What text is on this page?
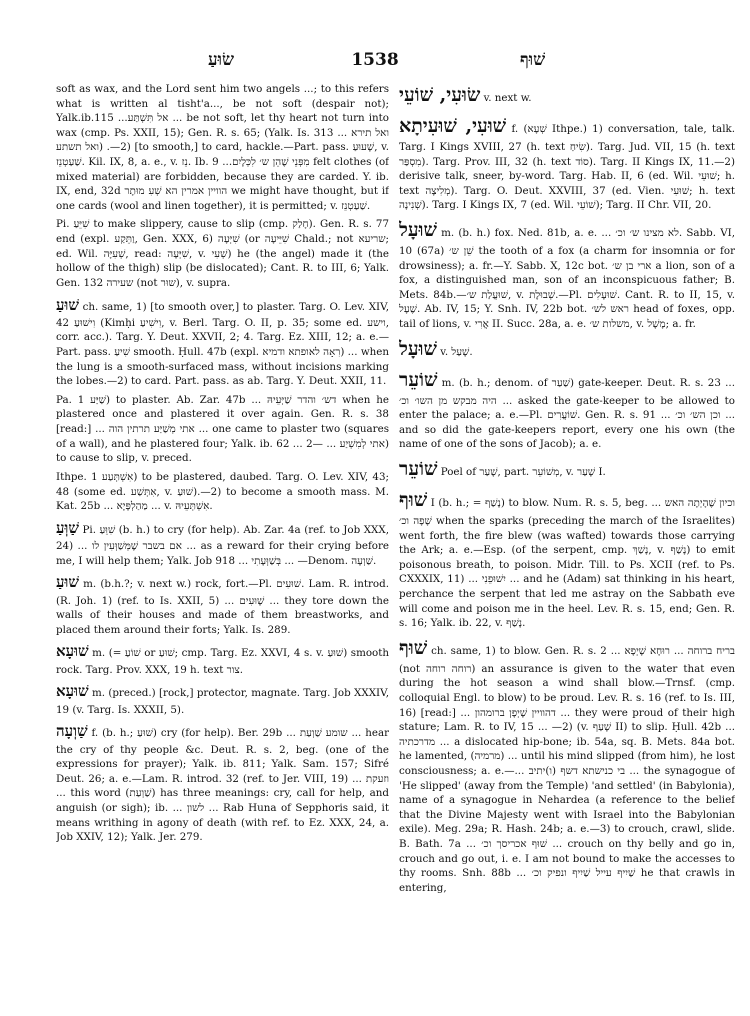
שׂוּעַ	1538	שׁוּף

soft as wax, and the Lord sent him two angels ...; to this refers what is written al tisht'a..., be not soft (despair not); Yalk.ib.115 ...אל תִּשְׁתַּע ... be not soft, let thy heart not turn into wax (cmp. Ps. XXII, 15); Gen. R. s. 65; (Yalk. Is. 313 ... ואל תירא ואל תשתע) .—2) [to smooth,] to card, hackle.—Part. pass. שָׁעוּעַ, v. שַׁעַטְנֵז. Kil. IX, 8, a. e., v. נֵז. Ib. 9 ...מִפְּנֵי שֶׁהֵן ש׳ לִכְּלָיִם felt clothes (of mixed material) are forbidden, because they are carded. Y. ib. IX, end, 32d הוויין אמרין הא שְׁעִ מוּתָר we might have thought, but if one cards (wool and linen together), it is permitted; v. שַׁעַטְנֵז.

Pi. שִׁיֵּעַ to make slippery, cause to slip (cmp. חָלַק). Gen. R. s. 77 end (expl. וַתֵּקַע, Gen. XXX, 6) שִׁיְּעָה (or שִׁיֵּיעָה Chald.; not שריעא; ed. Wil. שְׁעִיָּה, read: שִׁיְּעָה, v. שְׁעִי) he (the angel) made it (the hollow of the thigh) slip (be dislocated); Cant. R. to III, 6; Yalk. Gen. 132 שעירה (not שוּר), v. supra.

שׁוּעַ ch. same, 1) [to smooth over,] to plaster. Targ. O. Lev. XIV, 42 וִישׁוּעַ (Kimḥi וִישִׁיעַ, v. Berl. Targ. O. II, p. 35; some ed. וישע, corr. acc.). Targ. Y. Deut. XXVII, 2; 4. Targ. Ez. XIII, 12; a. e.—Part. pass. שִׁיעַ smooth. Ḥull. 47b (expl. רִאָה לאופתא ודמיא) ... when the lung is a smooth-surfaced mass, without incisions marking the lobes.—2) to card. Part. pass. as ab. Targ. Y. Deut. XXII, 11.

Pa. שַׁיַּע 1) to plaster. Ab. Zar. 47b ... דש׳ והדר שַׁיְּעֵיהּ when he plastered once and plastered it over again. Gen. R. s. 38 [read:] ... אתי מְשַׁיַּע תרתין הוה ... one came to plaster two (squares of a wall), and he plastered four; Yalk. ib. 62 ... אתי לְמִשְׁיַע ... —2) to cause to slip, v. preced.

Ithpe. אִשְׁתְּעַע 1) to be plastered, daubed. Targ. O. Lev. XIV, 43; 48 (some ed. אִתְּשַׁע, v. שׁוּעַ).—2) to become a smooth mass. M. Kat. 25b ... מַהַלְפָּיָא ... v. אִשְׁתְּעֵיהּ.

שַׁוְּעַ Pi. שִׁוֵּעַ (b. h.) to cry (for help). Ab. Zar. 4a (ref. to Job XXX, 24) ... אם בשבר שֶׁמְּשַׁוְּעִין לו ... as a reward for their crying before me, I will help them; Yalk. Job 918 ... בְּשַׁוְּעָתִי ... —Denom. שַׁוְעָה.

שׁוּעַ m. (b.h.?; v. next w.) rock, fort.—Pl. שׁוּעִים. Lam. R. introd. (R. Joh. 1) (ref. to Is. XXII, 5) ... שָׁוּעִים ... they tore down the walls of their houses and made of them breastworks, and placed them around their forts; Yalk. Is. 289.

שׁוּעָא m. (= שׁוֹעַ or שׁוּעַ; cmp. Targ. Ez. XXVI, 4 s. v. שׁוּעַ) smooth rock. Targ. Prov. XXX, 19 h. text צור.

שׁוּעָא m. (preced.) [rock,] protector, magnate. Targ. Job XXXIV, 19 (v. Targ. Is. XXXII, 5).

שַׁוְעָה f. (b. h.; שׁוּעַ) cry (for help). Ber. 29b ... שומע שַׁוְעַת ... hear the cry of thy people &c. Deut. R. s. 2, beg. (one of the expressions for prayer); Yalk. ib. 811; Yalk. Sam. 157; Sifré Deut. 26; a. e.—Lam. R. introd. 32 (ref. to Jer. VIII, 19) ... וזעקת ... this word (שַׁוְעַת) has three meanings: cry, call for help, and anguish (or sigh); ib. ... לשון ... Rab Huna of Sepphoris said, it means writhing in agony of death (with ref. to Ez. XXX, 24, a. Job XXIV, 12); Yalk. Jer. 279.

שׂוּעִי, שׁוֹעֵי v. next w.

שׁוּעִי, שׁוּעִיתָא f. (שְׁעָא Ithpe.) 1) conversation, tale, talk. Targ. I Kings XVIII, 27 (h. text שִׂיחַ). Targ. Jud. VII, 15 (h. text מִסְפַּר). Targ. Prov. III, 32 (h. text סוֹד). Targ. II Kings IX, 11.—2) derisive talk, sneer, by-word. Targ. Hab. II, 6 (ed. Wil. שׁוּעֵי; h. text מְלִיצָה). Targ. O. Deut. XXVIII, 37 (ed. Vien. שׁוּעִי; h. text שְׁנִינָה). Targ. I Kings IX, 7 (ed. Wil. שׁוֹעֵי); Targ. II Chr. VII, 20.

שׁוּעָל m. (b. h.) fox. Ned. 81b, a. e. ... לא מצינו ש׳ וכ׳. Sabb. VI, 10 (67a) שֵׁן ש׳ the tooth of a fox (a charm for insomnia or for drowsiness); a. fr.—Y. Sabb. X, 12c bot. ארי בן ש׳ a lion, son of a fox, a distinguished man, son of an inconspicuous father; B. Mets. 84b.—שׁוּעֲלַת ש׳, v. שְׁבוּלֶת.—Pl. שׁוּעָלִים. Cant. R. to II, 15, v. שֶׁעָל. Ab. IV, 15; Y. Snh. IV, 22b bot. ראש לש׳ head of foxes, opp. tail of lions, v. אֲרִי II. Succ. 28a, a. e. משלות ש׳, v. מָשָׁל; a. fr.

שׁוּעָל v. שָׁעַל.

שׁוֹעֵר m. (b. h.; denom. of שַׁעַר) gate-keeper. Deut. R. s. 23 ... היה מבקש מן השו׳ וכ׳ ... asked the gate-keeper to be allowed to enter the palace; a. e.—Pl. שׁוֹעֲרִים. Gen. R. s. 91 ... וכן הש׳ וכ׳ ... and so did the gate-keepers report, every one his own (the name of one of the sons of Jacob); a. e.

שׁוֹעֵר Poel of שָׁעַר, part. מְשׁוֹעֵר, v. שָׁעַר I.

שׁוּף I (b. h.; = נָשַׁף) to blow. Num. R. s. 5, beg. ... וכיון שֶׁהָיְתָה האש שָׁפָה וכ׳ when the sparks (preceding the march of the Israelites) went forth, the fire blew (was wafted) towards those carrying the Ark; a. e.—Esp. (of the serpent, cmp. נָשַׁךְ, v. נָשַׁף) to emit poisonous breath, to poison. Midr. Till. to Ps. XCII (ref. to Ps. CXXXIX, 11) ... יִשׁוּפֵנִי ... and he (Adam) sat thinking in his heart, perchance the serpent that led me astray on the Sabbath eve will come and poison me in the heel. Lev. R. s. 15, end; Gen. R. s. 16; Yalk. ib. 22, v. נָשַׁף.

שׁוּף ch. same, 1) to blow. Gen. R. s. 2 ... בריח ברוחה ... רוּחָא שָׁיְפָא (not רוחה רוחה) an assurance is given to the water that even during the hot season a wind shall blow.—Trnsf. (cmp. colloquial Engl. to blow) to be proud. Lev. R. s. 16 (ref. to Is. III, 16) [read:] ... דהוויין שָׁיְפָן ברומהון ... they were proud of their high stature; Lam. R. to IV, 15 ... —2) (v. שָׁעַף II) to slip. Ḥull. 42b ... מדרכתיה ... a dislocated hip-bone; ib. 54a, sq. B. Mets. 84a bot. he lamented, (מרמיה) ... until his mind slipped (from him), he lost consciousness; a. e.—... בי כנישתא דשף (ו)יתיב ... the synagogue of 'He slipped' (away from the Temple) 'and settled' (in Babylonia), name of a synagogue in Nehardea (a reference to the belief that the Divine Majesty went with Israel into the Babylonian exile). Meg. 29a; R. Hash. 24b; a. e.—3) to crouch, crawl, slide. B. Bath. 7a ... שׁוּף אכריסך וכ׳ ... crouch on thy belly and go in, crouch and go out, i. e. I am not bound to make the accesses to thy rooms. Snh. 88b ... שַׁיִיף עייל שַׁיִיף ונפיק וכ׳ he that crawls in entering,
